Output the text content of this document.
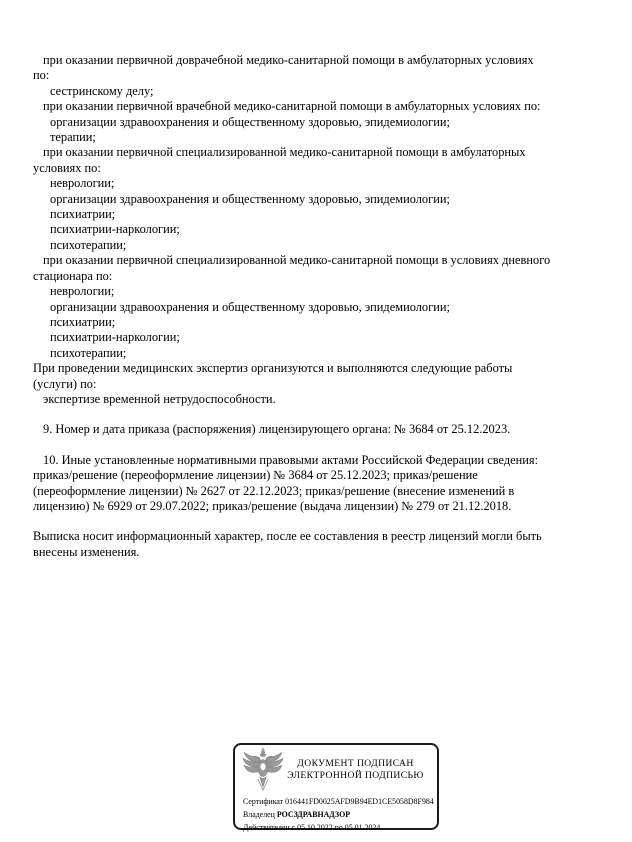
при оказании первичной доврачебной медико-санитарной помощи в амбулаторных условиях
по:
сестринскому делу;
при оказании первичной врачебной медико-санитарной помощи в амбулаторных условиях по:
организации здравоохранения и общественному здоровью, эпидемиологии;
терапии;
при оказании первичной специализированной медико-санитарной помощи в амбулаторных
условиях по:
неврологии;
организации здравоохранения и общественному здоровью, эпидемиологии;
психиатрии;
психиатрии-наркологии;
психотерапии;
при оказании первичной специализированной медико-санитарной помощи в условиях дневного
стационара по:
неврологии;
организации здравоохранения и общественному здоровью, эпидемиологии;
психиатрии;
психиатрии-наркологии;
психотерапии;
При проведении медицинских экспертиз организуются и выполняются следующие работы
(услуги) по:
экспертизе временной нетрудоспособности.
9. Номер и дата приказа (распоряжения) лицензирующего органа: № 3684 от 25.12.2023.
10. Иные установленные нормативными правовыми актами Российской Федерации сведения:
приказ/решение (переоформление лицензии) № 3684 от 25.12.2023; приказ/решение
(переоформление лицензии) № 2627 от 22.12.2023; приказ/решение (внесение изменений в
лицензию) № 6929 от 29.07.2022; приказ/решение (выдача лицензии) № 279 от 21.12.2018.
Выписка носит информационный характер, после ее составления в реестр лицензий могли быть
внесены изменения.
ДОКУМЕНТ ПОДПИСАН
ЭЛЕКТРОННОЙ ПОДПИСЬЮ
Сертификат 016441FD0025AFD9B94ED1CE5058D8F984
Владелец РОСЗДРАВНАДЗОР
Действителен с 05.10.2022 по 05.01.2024
